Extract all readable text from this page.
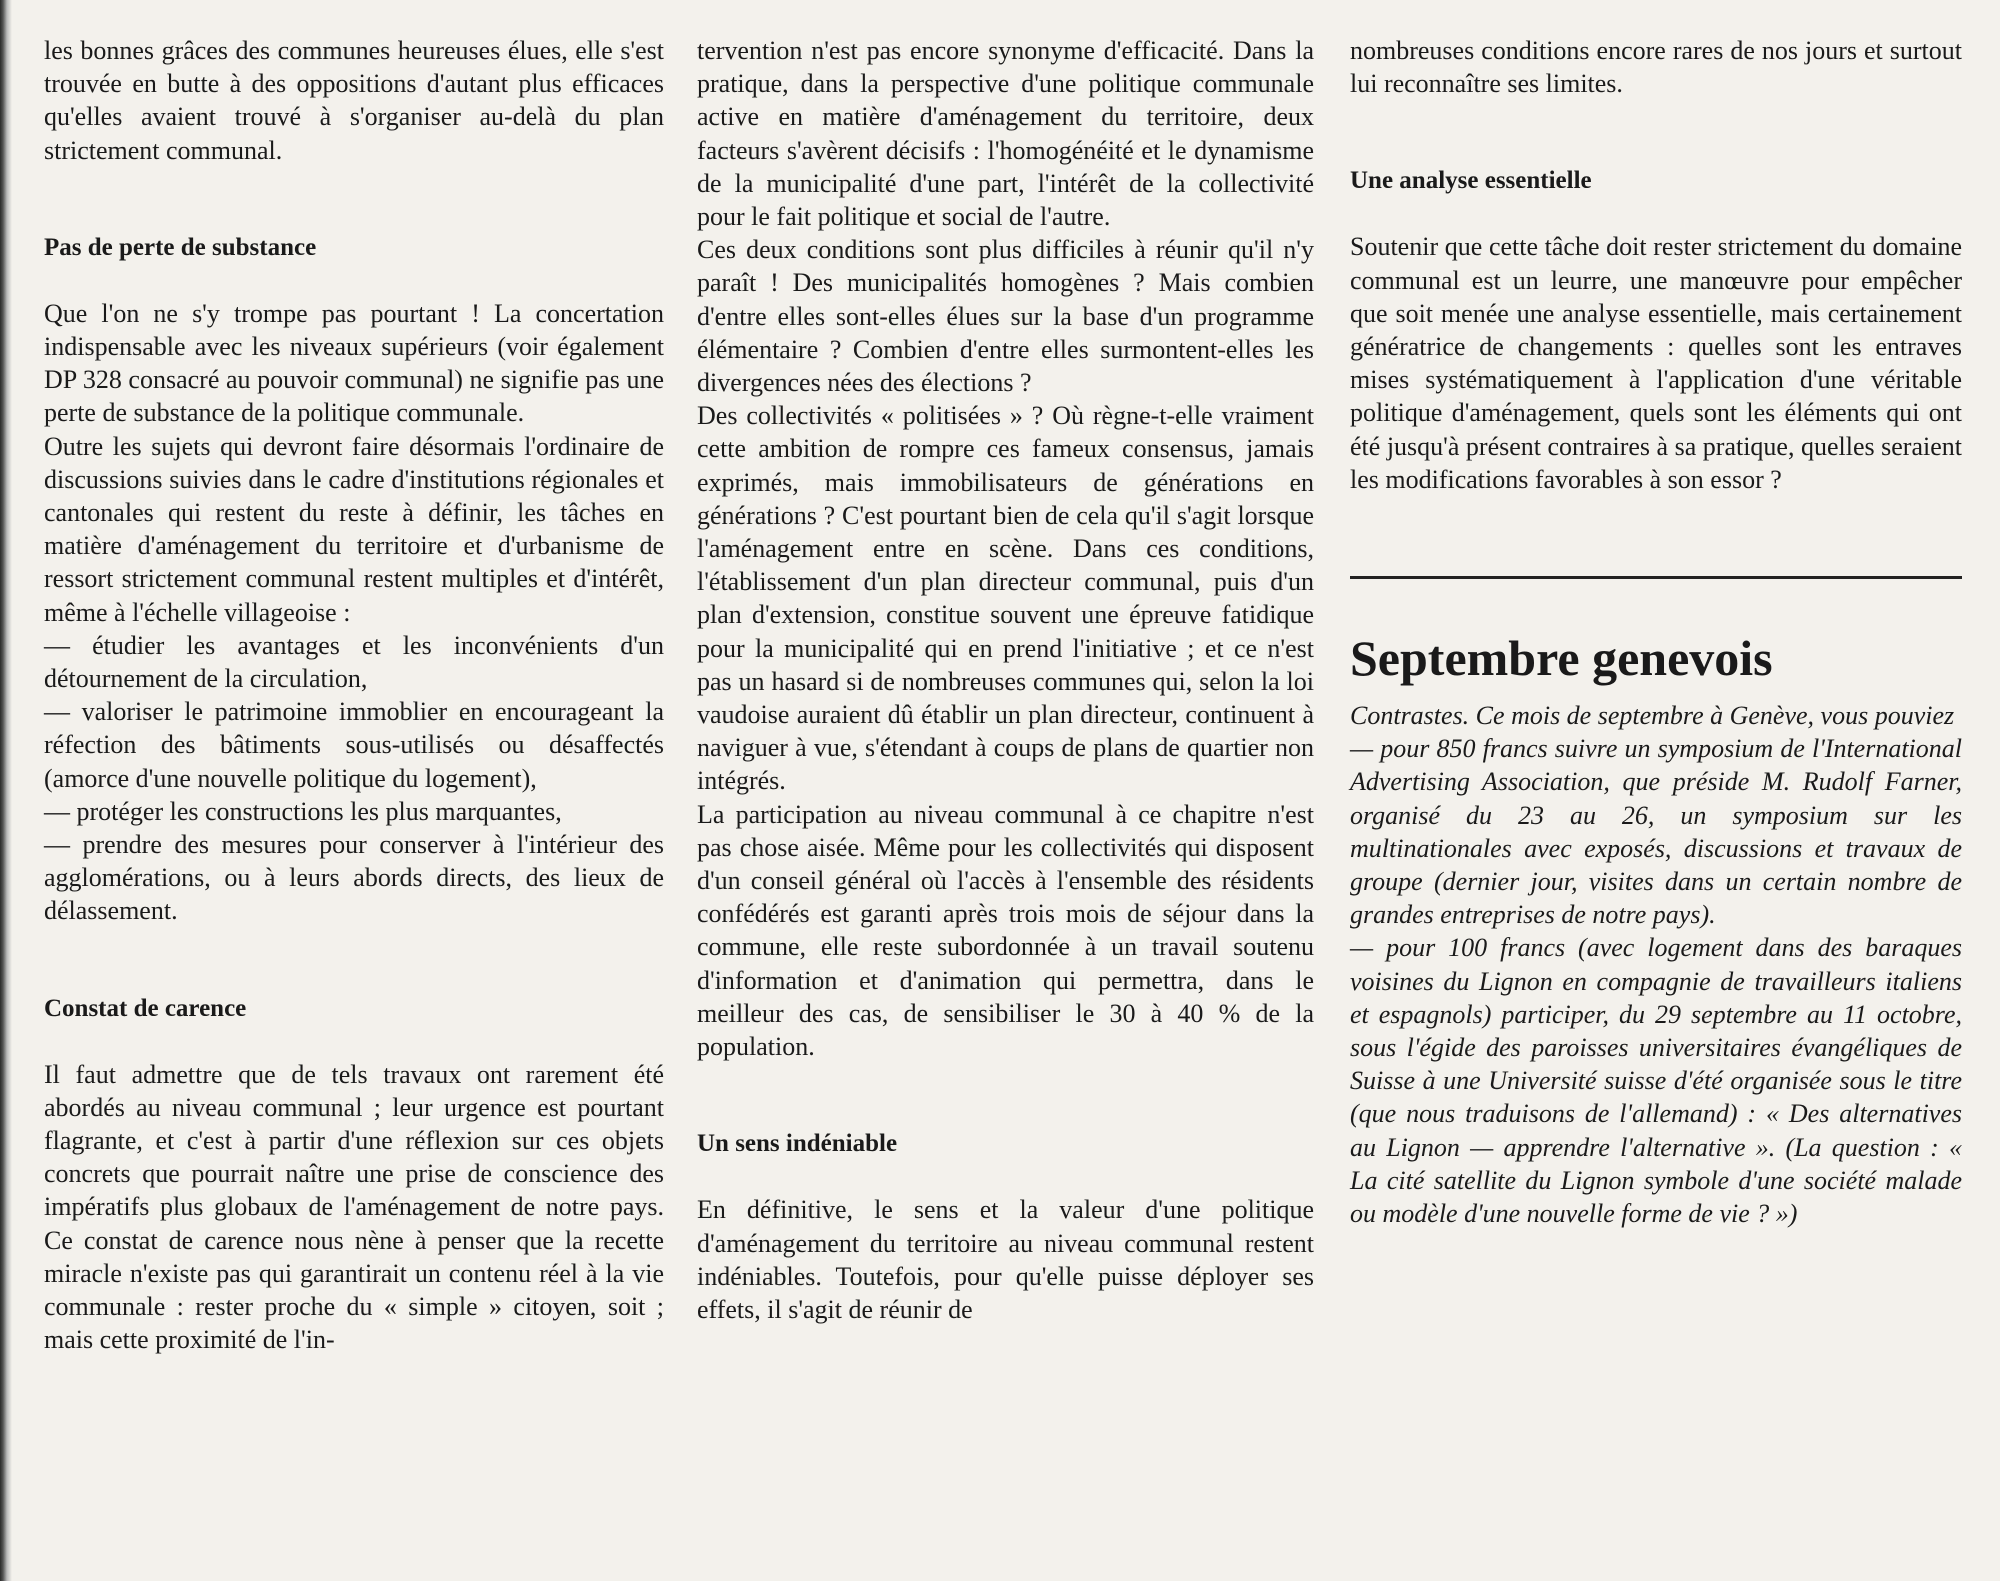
les bonnes grâces des communes heureuses élues, elle s'est trouvée en butte à des oppositions d'autant plus efficaces qu'elles avaient trouvé à s'organiser au-delà du plan strictement communal.

Pas de perte de substance

Que l'on ne s'y trompe pas pourtant ! La concertation indispensable avec les niveaux supérieurs (voir également DP 328 consacré au pouvoir communal) ne signifie pas une perte de substance de la politique communale.

Outre les sujets qui devront faire désormais l'ordinaire de discussions suivies dans le cadre d'institutions régionales et cantonales qui restent du reste à définir, les tâches en matière d'aménagement du territoire et d'urbanisme de ressort strictement communal restent multiples et d'intérêt, même à l'échelle villageoise :

— étudier les avantages et les inconvénients d'un détournement de la circulation,

— valoriser le patrimoine immoblier en encourageant la réfection des bâtiments sous-utilisés ou désaffectés (amorce d'une nouvelle politique du logement),

— protéger les constructions les plus marquantes,

— prendre des mesures pour conserver à l'intérieur des agglomérations, ou à leurs abords directs, des lieux de délassement.

Constat de carence

Il faut admettre que de tels travaux ont rarement été abordés au niveau communal ; leur urgence est pourtant flagrante, et c'est à partir d'une réflexion sur ces objets concrets que pourrait naître une prise de conscience des impératifs plus globaux de l'aménagement de notre pays. Ce constat de carence nous nène à penser que la recette miracle n'existe pas qui garantirait un contenu réel à la vie communale : rester proche du « simple » citoyen, soit ; mais cette proximité de l'in-

tervention n'est pas encore synonyme d'efficacité. Dans la pratique, dans la perspective d'une politique communale active en matière d'aménagement du territoire, deux facteurs s'avèrent décisifs : l'homogénéité et le dynamisme de la municipalité d'une part, l'intérêt de la collectivité pour le fait politique et social de l'autre.

Ces deux conditions sont plus difficiles à réunir qu'il n'y paraît ! Des municipalités homogènes ? Mais combien d'entre elles sont-elles élues sur la base d'un programme élémentaire ? Combien d'entre elles surmontent-elles les divergences nées des élections ?

Des collectivités « politisées » ? Où règne-t-elle vraiment cette ambition de rompre ces fameux consensus, jamais exprimés, mais immobilisateurs de générations en générations ? C'est pourtant bien de cela qu'il s'agit lorsque l'aménagement entre en scène. Dans ces conditions, l'établissement d'un plan directeur communal, puis d'un plan d'extension, constitue souvent une épreuve fatidique pour la municipalité qui en prend l'initiative ; et ce n'est pas un hasard si de nombreuses communes qui, selon la loi vaudoise auraient dû établir un plan directeur, continuent à naviguer à vue, s'étendant à coups de plans de quartier non intégrés.

La participation au niveau communal à ce chapitre n'est pas chose aisée. Même pour les collectivités qui disposent d'un conseil général où l'accès à l'ensemble des résidents confédérés est garanti après trois mois de séjour dans la commune, elle reste subordonnée à un travail soutenu d'information et d'animation qui permettra, dans le meilleur des cas, de sensibiliser le 30 à 40 % de la population.

Un sens indéniable

En définitive, le sens et la valeur d'une politique d'aménagement du territoire au niveau communal restent indéniables. Toutefois, pour qu'elle puisse déployer ses effets, il s'agit de réunir de

nombreuses conditions encore rares de nos jours et surtout lui reconnaître ses limites.

Une analyse essentielle

Soutenir que cette tâche doit rester strictement du domaine communal est un leurre, une manœuvre pour empêcher que soit menée une analyse essentielle, mais certainement génératrice de changements : quelles sont les entraves mises systématiquement à l'application d'une véritable politique d'aménagement, quels sont les éléments qui ont été jusqu'à présent contraires à sa pratique, quelles seraient les modifications favorables à son essor ?

Septembre genevois

Contrastes. Ce mois de septembre à Genève, vous pouviez

— pour 850 francs suivre un symposium de l'International Advertising Association, que préside M. Rudolf Farner, organisé du 23 au 26, un symposium sur les multinationales avec exposés, discussions et travaux de groupe (dernier jour, visites dans un certain nombre de grandes entreprises de notre pays).

— pour 100 francs (avec logement dans des baraques voisines du Lignon en compagnie de travailleurs italiens et espagnols) participer, du 29 septembre au 11 octobre, sous l'égide des paroisses universitaires évangéliques de Suisse à une Université suisse d'été organisée sous le titre (que nous traduisons de l'allemand) : « Des alternatives au Lignon — apprendre l'alternative ». (La question : « La cité satellite du Lignon symbole d'une société malade ou modèle d'une nouvelle forme de vie ? »)
